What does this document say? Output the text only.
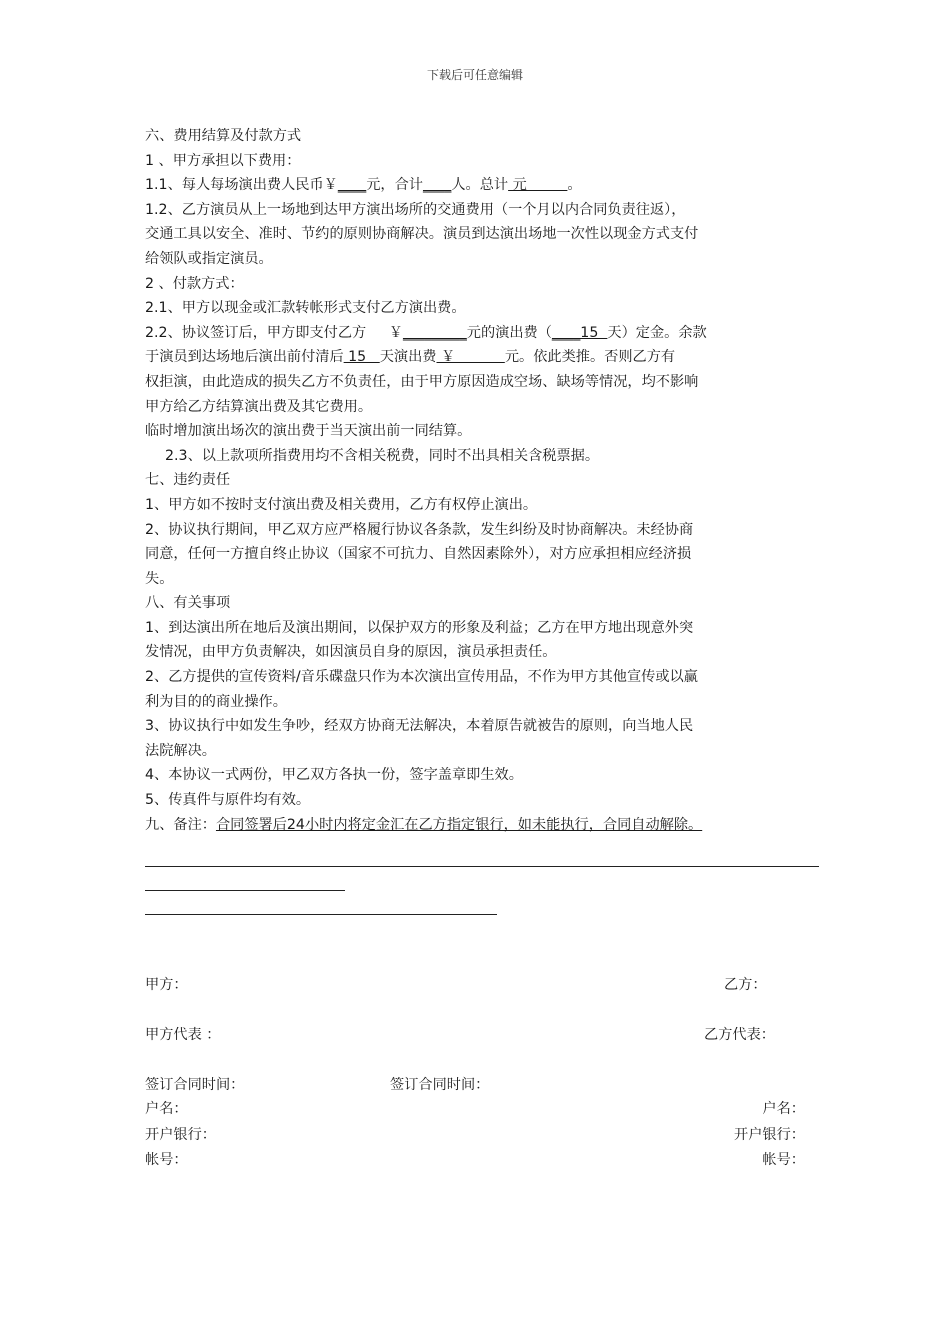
下载后可任意编辑
六、费用结算及付款方式
1 、甲方承担以下费用：
1.1、每人每场演出费人民币￥____元，合计____人。总计 元         。
1.2、乙方演员从上一场地到达甲方演出场所的交通费用（一个月以内合同负责往返），
交通工具以安全、准时、节约的原则协商解决。演员到达演出场地一次性以现金方式支付
给领队或指定演员。
2 、付款方式：
2.1、甲方以现金或汇款转帐形式支付乙方演出费。
2.2、协议签订后，甲方即支付乙方     ￥_________元的演出费（____15  天）定金。余款
于演员到达场地后演出前付清后 15   天演出费 ￥           元。依此类推。否则乙方有
权拒演，由此造成的损失乙方不负责任，由于甲方原因造成空场、缺场等情况，均不影响
甲方给乙方结算演出费及其它费用。
临时增加演出场次的演出费于当天演出前一同结算。
2.3、以上款项所指费用均不含相关税费，同时不出具相关含税票据。
七、违约责任
1、甲方如不按时支付演出费及相关费用，乙方有权停止演出。
2、协议执行期间，甲乙双方应严格履行协议各条款，发生纠纷及时协商解决。未经协商
同意，任何一方擅自终止协议（国家不可抗力、自然因素除外），对方应承担相应经济损
失。
八、有关事项
1、到达演出所在地后及演出期间，以保护双方的形象及利益；乙方在甲方地出现意外突
发情况，由甲方负责解决，如因演员自身的原因，演员承担责任。
2、乙方提供的宣传资料/音乐碟盘只作为本次演出宣传用品，不作为甲方其他宣传或以赢
利为目的的商业操作。
3、协议执行中如发生争吵，经双方协商无法解决，本着原告就被告的原则，向当地人民
法院解决。
4、本协议一式两份，甲乙双方各执一份，签字盖章即生效。
5、传真件与原件均有效。
九、备注：合同签署后24小时内将定金汇在乙方指定银行，如未能执行，合同自动解除。
甲方：	乙方：
甲方代表 ：	乙方代表：
签订合同时间：	签订合同时间：
户名：	户名：
开户银行：	开户银行：
帐号：	帐号：
